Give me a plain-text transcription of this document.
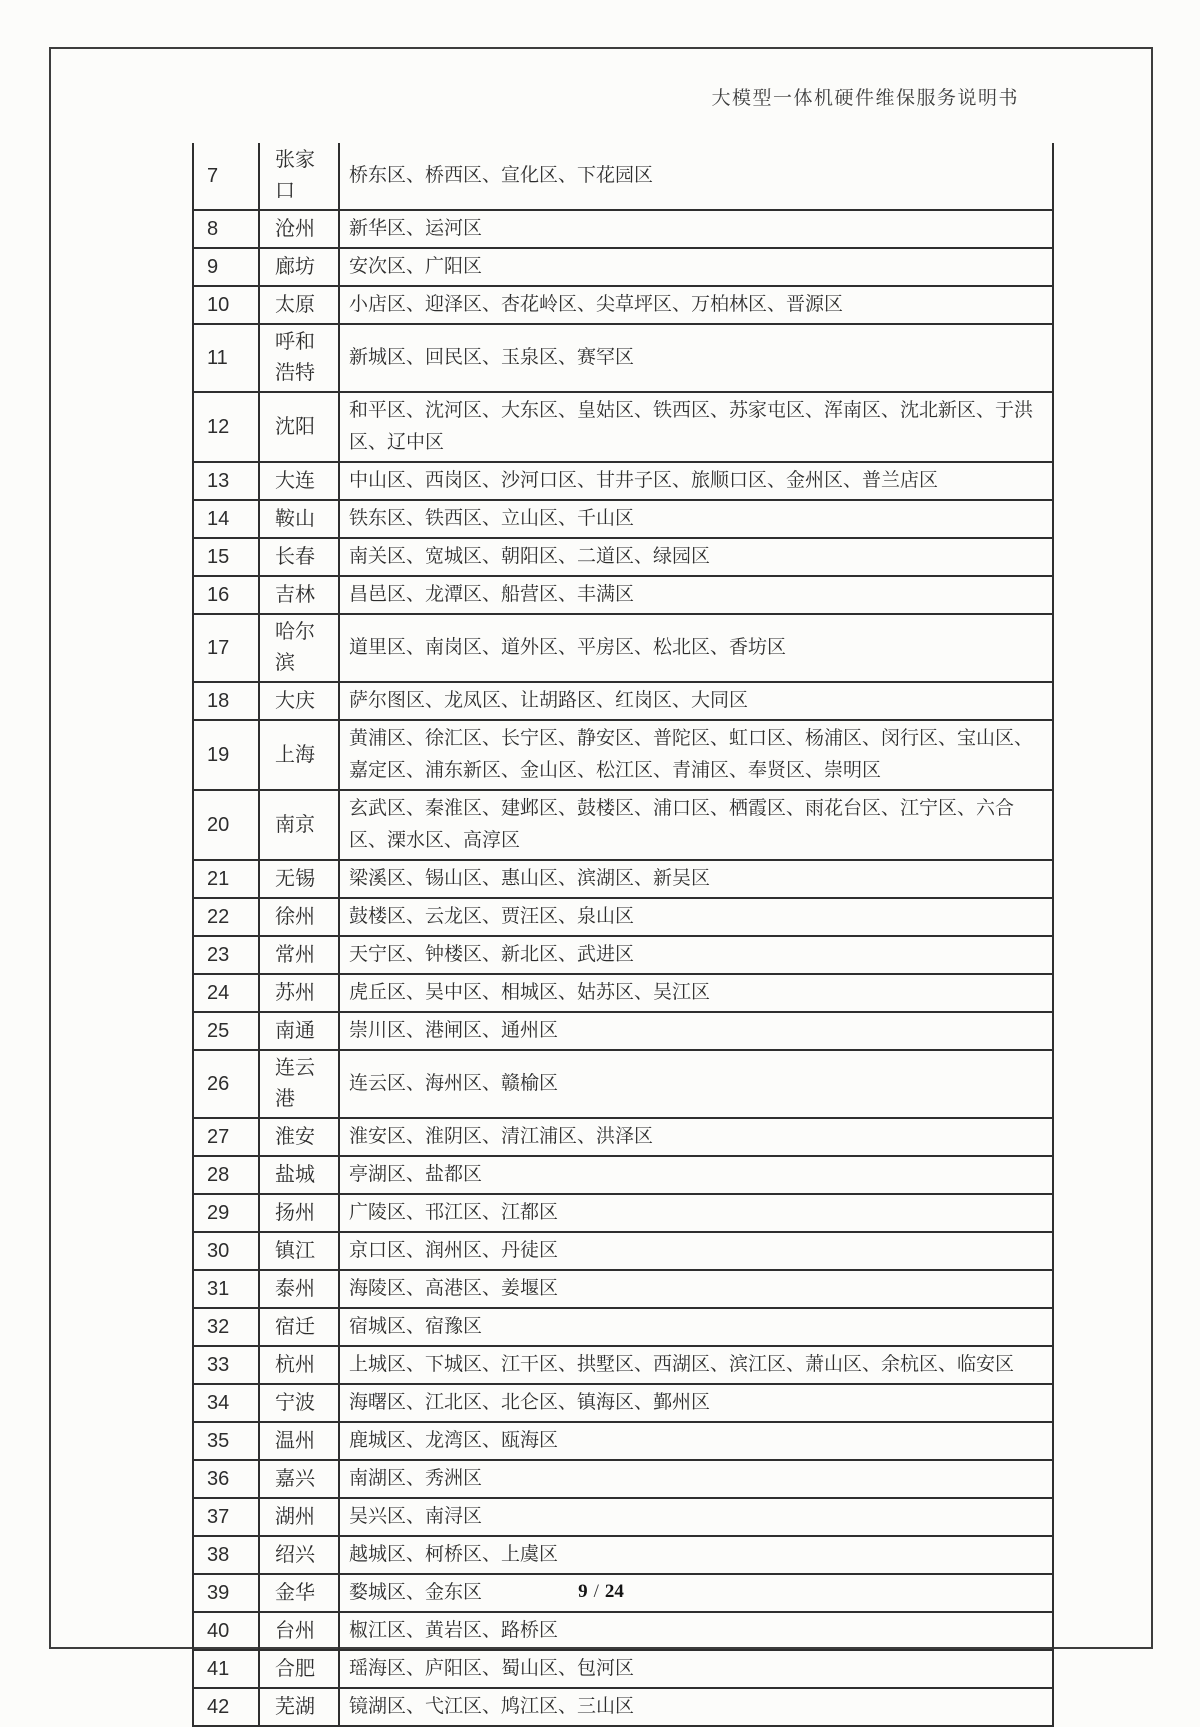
大模型一体机硬件维保服务说明书
7	张家口	桥东区、桥西区、宣化区、下花园区
8	沧州	新华区、运河区
9	廊坊	安次区、广阳区
10	太原	小店区、迎泽区、杏花岭区、尖草坪区、万柏林区、晋源区
11	呼和浩特	新城区、回民区、玉泉区、赛罕区
12	沈阳	和平区、沈河区、大东区、皇姑区、铁西区、苏家屯区、浑南区、沈北新区、于洪区、辽中区
13	大连	中山区、西岗区、沙河口区、甘井子区、旅顺口区、金州区、普兰店区
14	鞍山	铁东区、铁西区、立山区、千山区
15	长春	南关区、宽城区、朝阳区、二道区、绿园区
16	吉林	昌邑区、龙潭区、船营区、丰满区
17	哈尔滨	道里区、南岗区、道外区、平房区、松北区、香坊区
18	大庆	萨尔图区、龙凤区、让胡路区、红岗区、大同区
19	上海	黄浦区、徐汇区、长宁区、静安区、普陀区、虹口区、杨浦区、闵行区、宝山区、嘉定区、浦东新区、金山区、松江区、青浦区、奉贤区、崇明区
20	南京	玄武区、秦淮区、建邺区、鼓楼区、浦口区、栖霞区、雨花台区、江宁区、六合区、溧水区、高淳区
21	无锡	梁溪区、锡山区、惠山区、滨湖区、新吴区
22	徐州	鼓楼区、云龙区、贾汪区、泉山区
23	常州	天宁区、钟楼区、新北区、武进区
24	苏州	虎丘区、吴中区、相城区、姑苏区、吴江区
25	南通	崇川区、港闸区、通州区
26	连云港	连云区、海州区、赣榆区
27	淮安	淮安区、淮阴区、清江浦区、洪泽区
28	盐城	亭湖区、盐都区
29	扬州	广陵区、邗江区、江都区
30	镇江	京口区、润州区、丹徒区
31	泰州	海陵区、高港区、姜堰区
32	宿迁	宿城区、宿豫区
33	杭州	上城区、下城区、江干区、拱墅区、西湖区、滨江区、萧山区、余杭区、临安区
34	宁波	海曙区、江北区、北仑区、镇海区、鄞州区
35	温州	鹿城区、龙湾区、瓯海区
36	嘉兴	南湖区、秀洲区
37	湖州	吴兴区、南浔区
38	绍兴	越城区、柯桥区、上虞区
39	金华	婺城区、金东区
40	台州	椒江区、黄岩区、路桥区
41	合肥	瑶海区、庐阳区、蜀山区、包河区
42	芜湖	镜湖区、弋江区、鸠江区、三山区
9 / 24
